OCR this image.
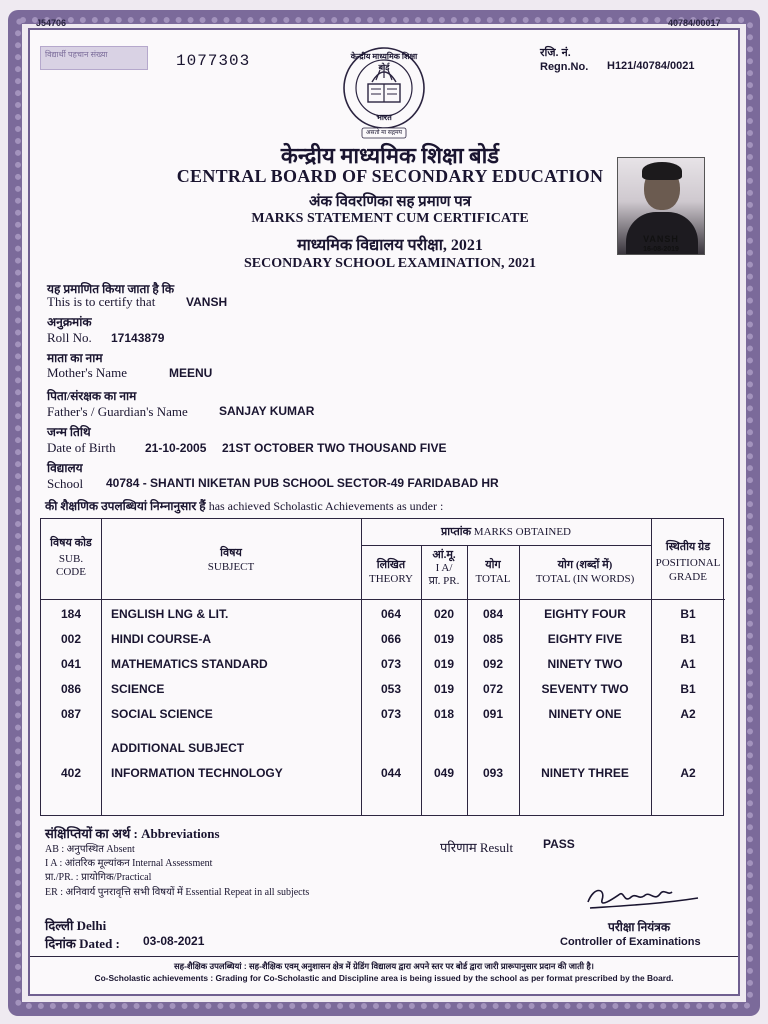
J54706	40784/00017
विद्यार्थी पहचान संख्या	1077303	केन्द्रीय माध्यमिक शिक्षा बोर्ड
भारत
असतो मा सद्गमय
रजि. नं.
Regn.No. H121/40784/0021
केन्द्रीय माध्यमिक शिक्षा बोर्ड
CENTRAL BOARD OF SECONDARY EDUCATION
अंक विवरणिका सह प्रमाण पत्र
MARKS STATEMENT CUM CERTIFICATE
माध्यमिक विद्यालय परीक्षा, 2021
SECONDARY SCHOOL EXAMINATION, 2021
VANSH
16-08-2019
यह प्रमाणित किया जाता है कि
This is to certify that	VANSH
अनुक्रमांक
Roll No. 17143879
माता का नाम
Mother's Name	MEENU
पिता/संरक्षक का नाम
Father's / Guardian's Name	SANJAY KUMAR
जन्म तिथि
Date of Birth 21-10-2005 21ST OCTOBER TWO THOUSAND FIVE
विद्यालय
School 40784 - SHANTI NIKETAN PUB SCHOOL SECTOR-49 FARIDABAD HR
की शैक्षणिक उपलब्धियां निम्नानुसार हैं has achieved Scholastic Achievements as under :
विषय कोड
SUB.
CODE
विषय
SUBJECT
प्राप्तांक MARKS OBTAINED
लिखित
THEORY
आं.मू.
I A/
प्रा. PR.
योग
TOTAL
योग (शब्दों में)
TOTAL (IN WORDS)
स्थितीय ग्रेड
POSITIONAL
GRADE
184	ENGLISH LNG & LIT.	064	020	084	EIGHTY FOUR	B1
002	HINDI COURSE-A	066	019	085	EIGHTY FIVE	B1
041	MATHEMATICS STANDARD	073	019	092	NINETY TWO	A1
086	SCIENCE	053	019	072	SEVENTY TWO	B1
087	SOCIAL SCIENCE	073	018	091	NINETY ONE	A2
ADDITIONAL SUBJECT
402	INFORMATION TECHNOLOGY	044	049	093	NINETY THREE	A2
संक्षिप्तियों का अर्थ : Abbreviations
AB : अनुपस्थित Absent
I A : आंतरिक मूल्यांकन Internal Assessment
प्रा./PR. : प्रायोगिक/Practical
ER : अनिवार्य पुनरावृत्ति सभी विषयों में Essential Repeat in all subjects
परिणाम Result PASS
परीक्षा नियंत्रक
Controller of Examinations
दिल्ली Delhi
दिनांक Dated : 03-08-2021
सह-शैक्षिक उपलब्धियां : सह-शैक्षिक एवम् अनुशासन क्षेत्र में ग्रेडिंग विद्यालय द्वारा अपने स्तर पर बोर्ड द्वारा जारी प्रारूपानुसार प्रदान की जाती है।
Co-Scholastic achievements : Grading for Co-Scholastic and Discipline area is being issued by the school as per format prescribed by the Board.
